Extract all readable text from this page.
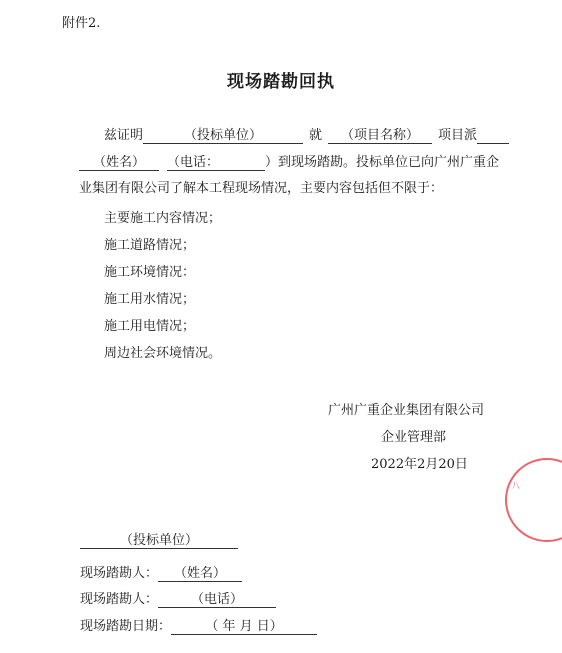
附件2.
现场踏勘回执
兹证明	（投标单位）	就 （项目名称） 项目派
（姓名） （电话：	）到现场踏勘。投标单位已向广州广重企
业集团有限公司了解本工程现场情况，主要内容包括但不限于：
主要施工内容情况；
施工道路情况；
施工环境情况：
施工用水情况；
施工用电情况；
周边社会环境情况。
广州广重企业集团有限公司
企业管理部
2022年2月20日
八
（投标单位）
现场踏勘人： （姓名）
现场踏勘人：	（电话）
现场踏勘日期：	（ 年 月 日）
